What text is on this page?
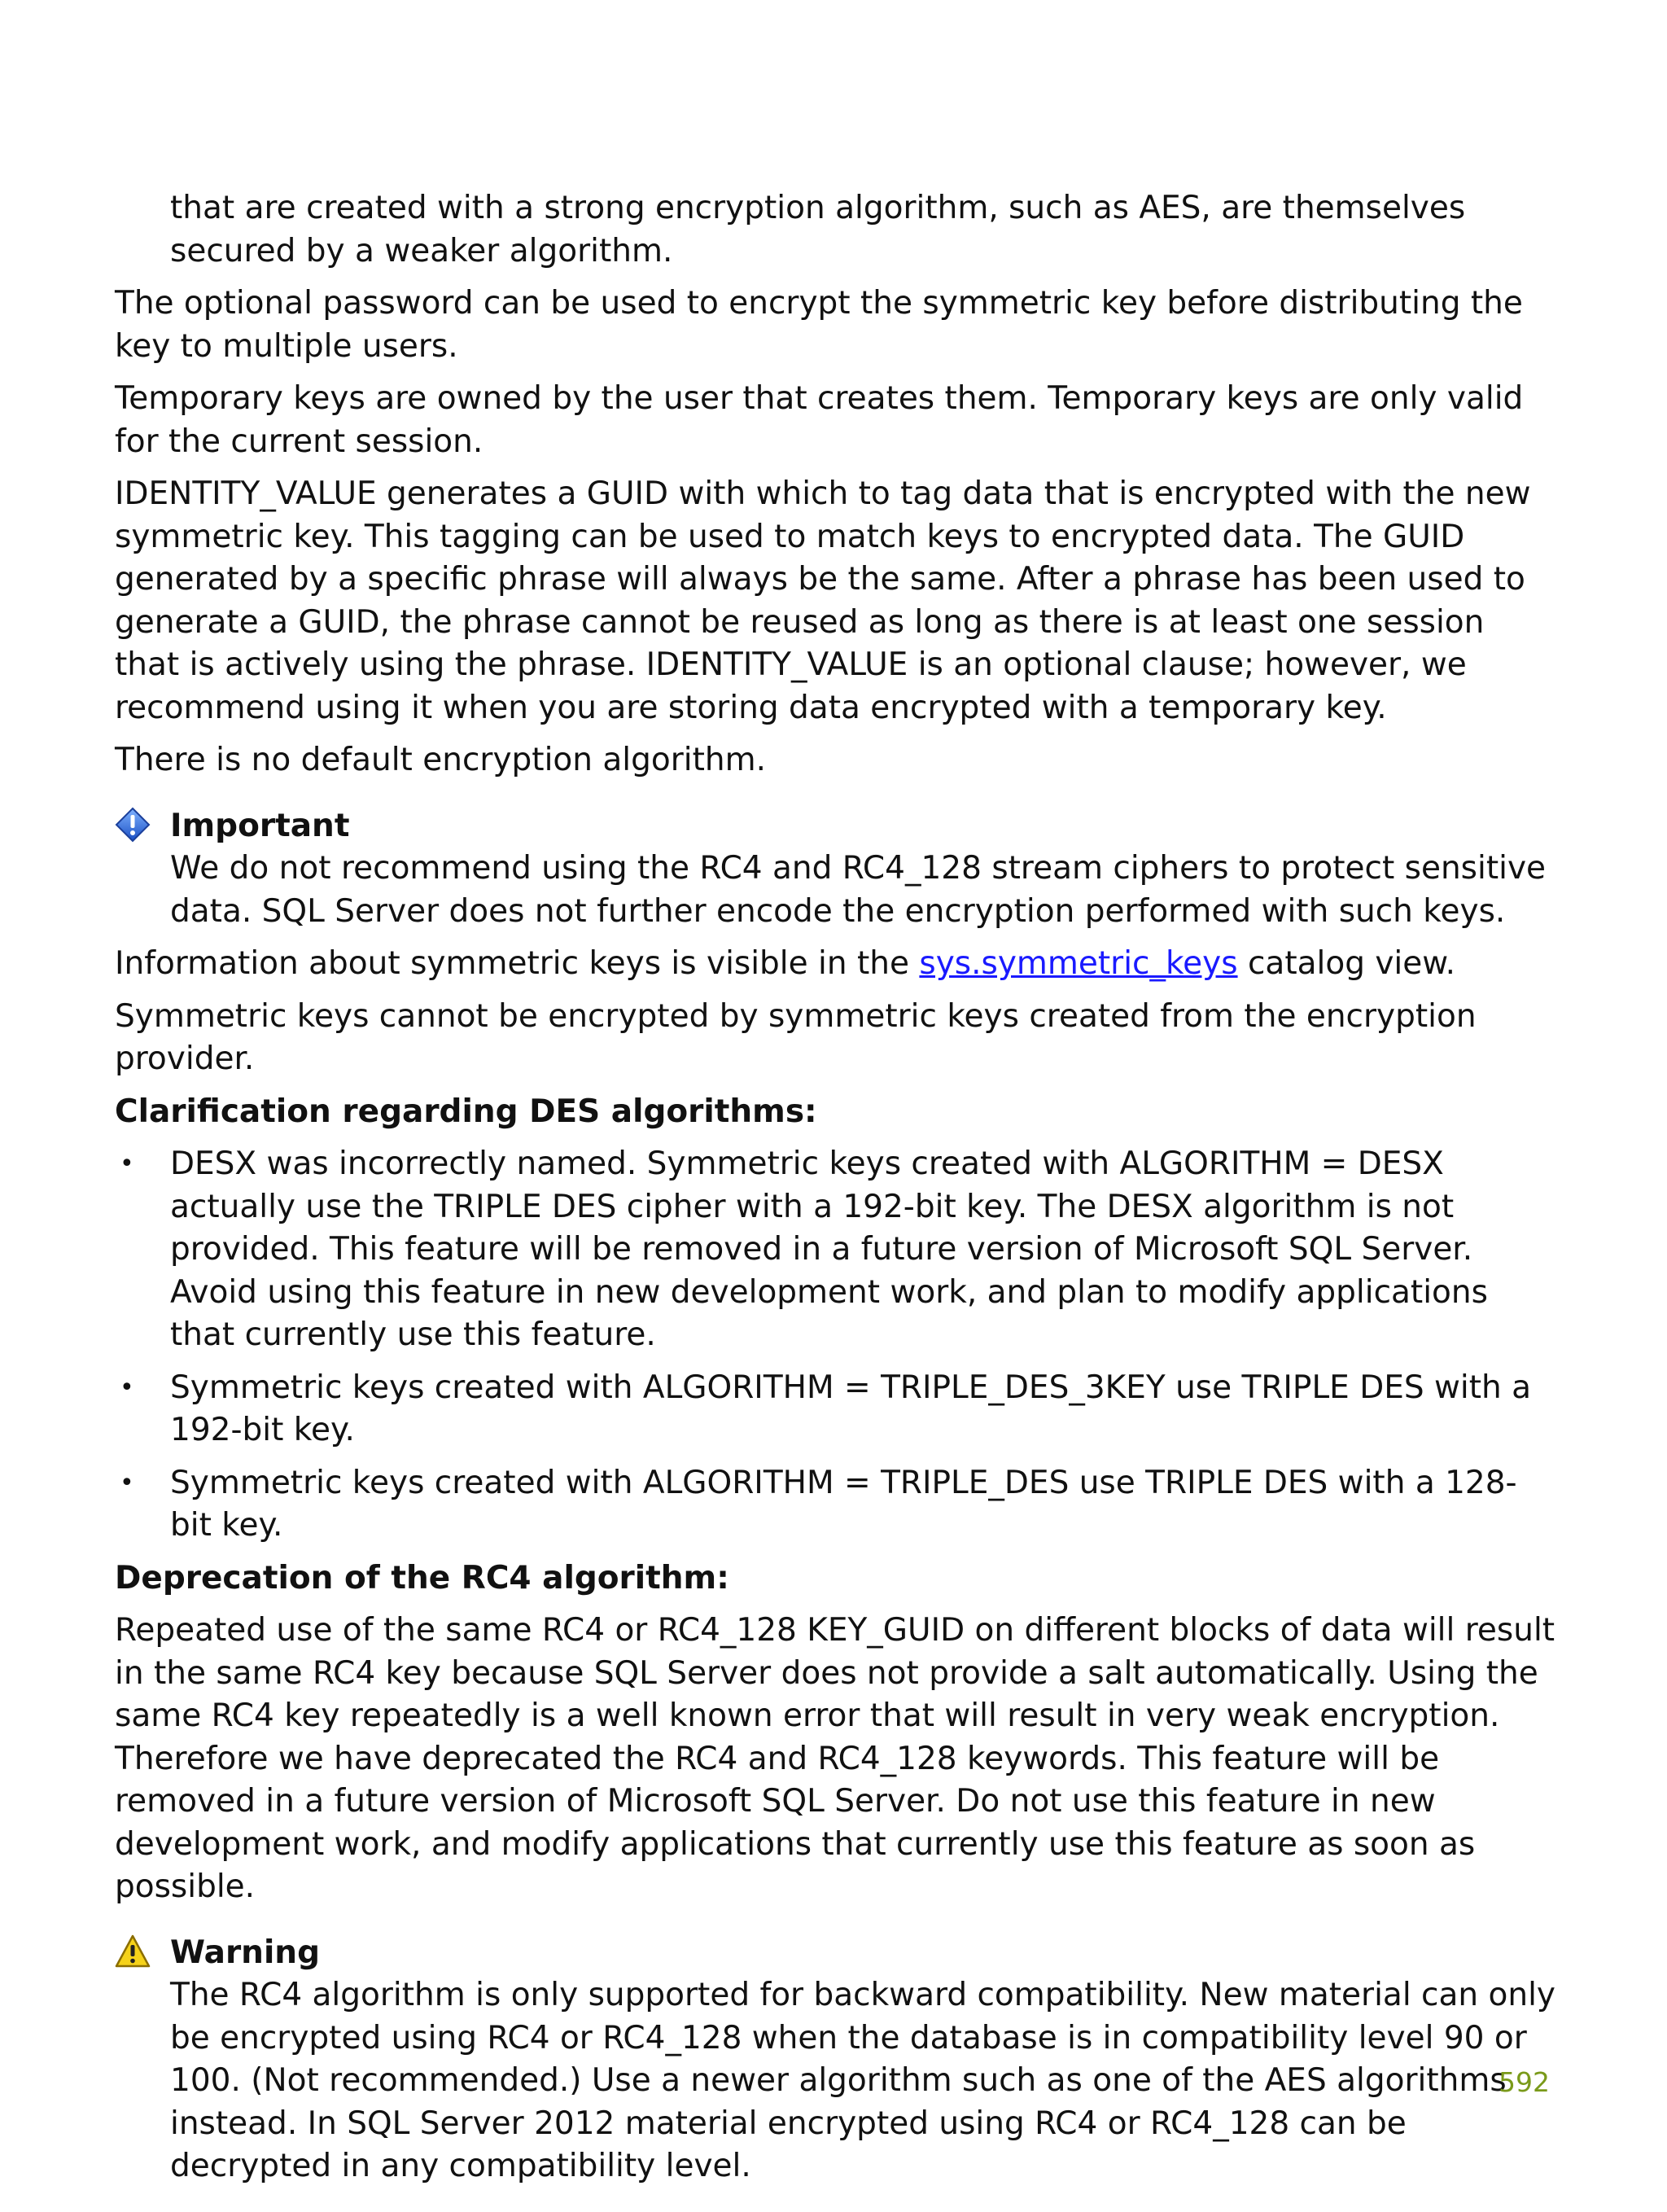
that are created with a strong encryption algorithm, such as AES, are themselves secured by a weaker algorithm.

The optional password can be used to encrypt the symmetric key before distributing the key to multiple users.

Temporary keys are owned by the user that creates them. Temporary keys are only valid for the current session.

IDENTITY_VALUE generates a GUID with which to tag data that is encrypted with the new symmetric key. This tagging can be used to match keys to encrypted data. The GUID generated by a specific phrase will always be the same. After a phrase has been used to generate a GUID, the phrase cannot be reused as long as there is at least one session that is actively using the phrase. IDENTITY_VALUE is an optional clause; however, we recommend using it when you are storing data encrypted with a temporary key.

There is no default encryption algorithm.

Important

We do not recommend using the RC4 and RC4_128 stream ciphers to protect sensitive data. SQL Server does not further encode the encryption performed with such keys.

Information about symmetric keys is visible in the sys.symmetric_keys catalog view.

Symmetric keys cannot be encrypted by symmetric keys created from the encryption provider.

Clarification regarding DES algorithms:

• DESX was incorrectly named. Symmetric keys created with ALGORITHM = DESX actually use the TRIPLE DES cipher with a 192-bit key. The DESX algorithm is not provided. This feature will be removed in a future version of Microsoft SQL Server. Avoid using this feature in new development work, and plan to modify applications that currently use this feature.
• Symmetric keys created with ALGORITHM = TRIPLE_DES_3KEY use TRIPLE DES with a 192-bit key.
• Symmetric keys created with ALGORITHM = TRIPLE_DES use TRIPLE DES with a 128-bit key.

Deprecation of the RC4 algorithm:

Repeated use of the same RC4 or RC4_128 KEY_GUID on different blocks of data will result in the same RC4 key because SQL Server does not provide a salt automatically. Using the same RC4 key repeatedly is a well known error that will result in very weak encryption. Therefore we have deprecated the RC4 and RC4_128 keywords. This feature will be removed in a future version of Microsoft SQL Server. Do not use this feature in new development work, and modify applications that currently use this feature as soon as possible.

Warning

The RC4 algorithm is only supported for backward compatibility. New material can only be encrypted using RC4 or RC4_128 when the database is in compatibility level 90 or 100. (Not recommended.) Use a newer algorithm such as one of the AES algorithms instead. In SQL Server 2012 material encrypted using RC4 or RC4_128 can be decrypted in any compatibility level.

592
